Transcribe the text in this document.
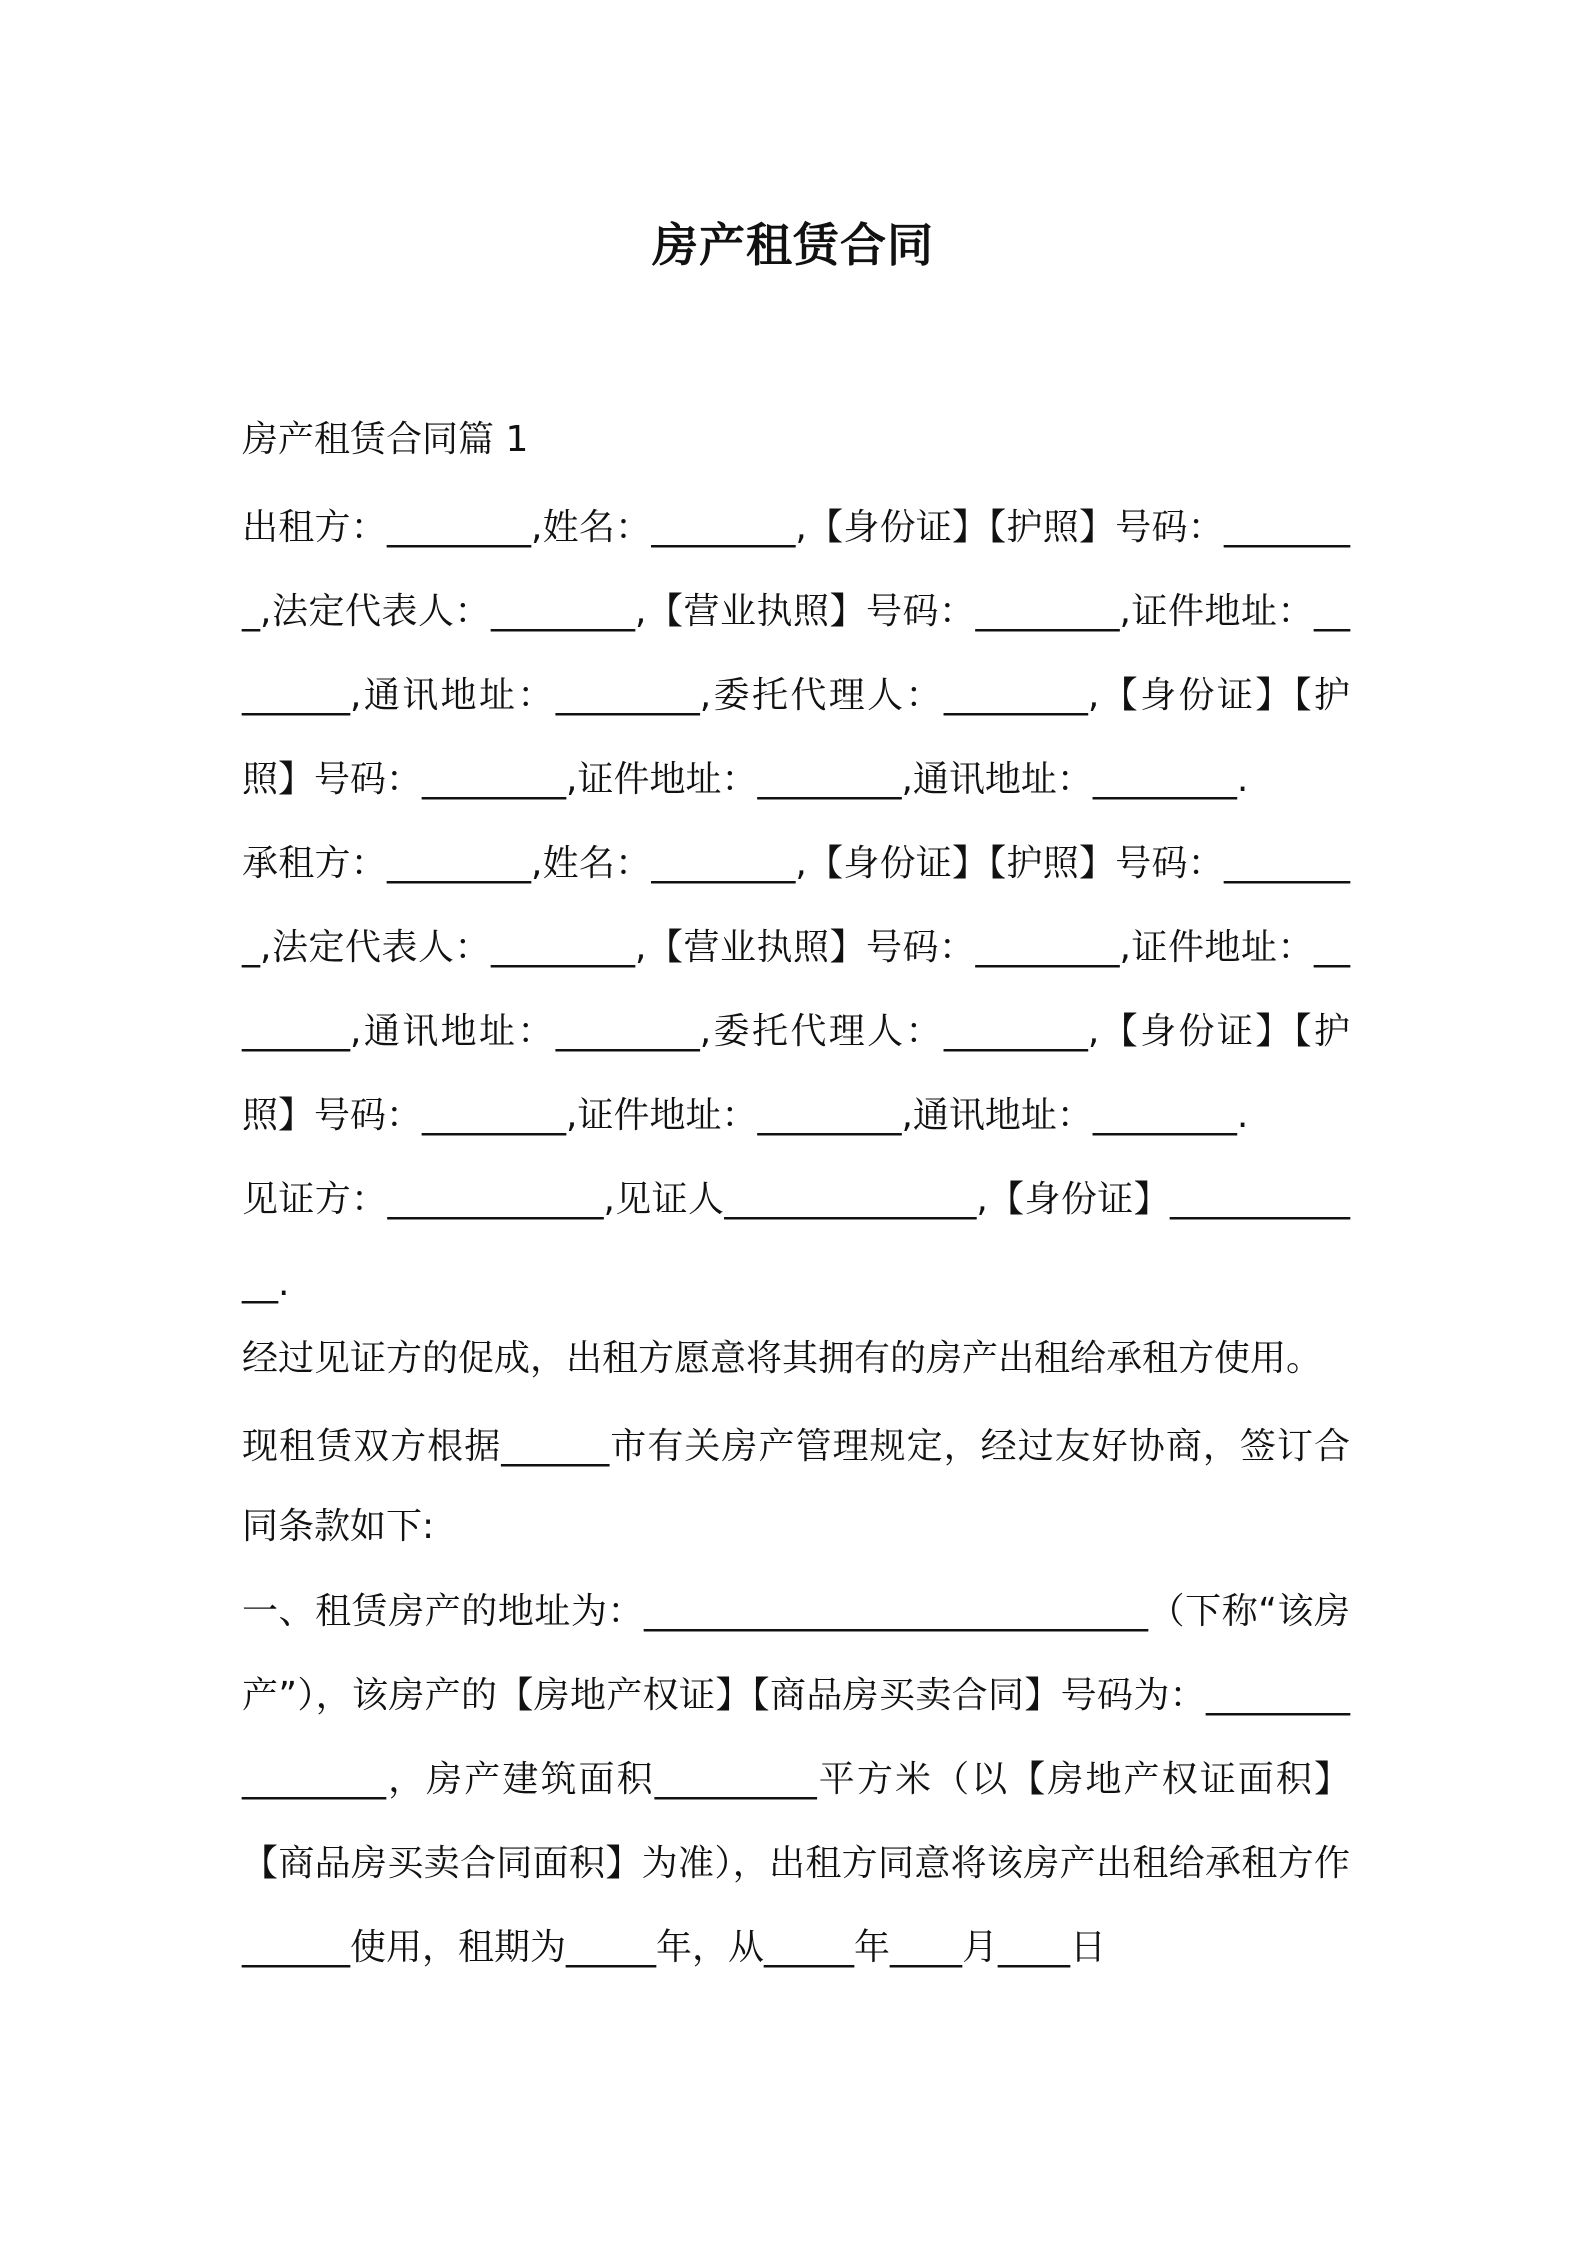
房产租赁合同
房产租赁合同篇 1
出租方：________,姓名：________,【身份证】【护照】号码：________,法定代表人：________,【营业执照】号码：________,证件地址：________,通讯地址：________,委托代理人：________,【身份证】【护照】号码：________,证件地址：________,通讯地址：________.
承租方：________,姓名：________,【身份证】【护照】号码：________,法定代表人：________,【营业执照】号码：________,证件地址：________,通讯地址：________,委托代理人：________,【身份证】【护照】号码：________,证件地址：________,通讯地址：________.
见证方：____________,见证人______________,【身份证】____________.
经过见证方的促成，出租方愿意将其拥有的房产出租给承租方使用。
现租赁双方根据______市有关房产管理规定，经过友好协商，签订合同条款如下:
一、租赁房产的地址为：____________________________（下称“该房产”），该房产的【房地产权证】【商品房买卖合同】号码为：________________，房产建筑面积_________平方米（以【房地产权证面积】【商品房买卖合同面积】为准），出租方同意将该房产出租给承租方作______使用，租期为_____年，从_____年____月____日
